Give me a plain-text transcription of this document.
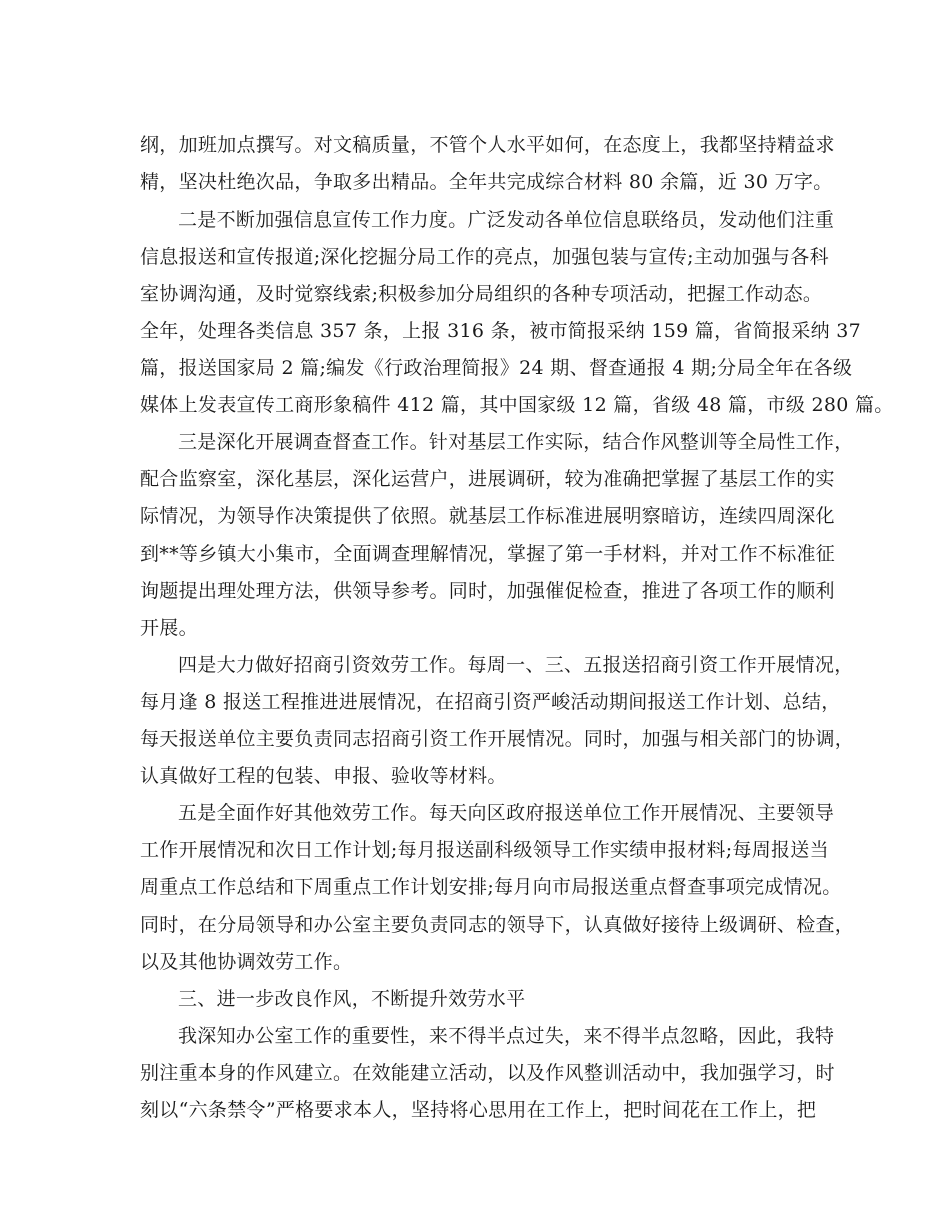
纲，加班加点撰写。对文稿质量，不管个人水平如何，在态度上，我都坚持精益求
精，坚决杜绝次品，争取多出精品。全年共完成综合材料 80 余篇，近 30 万字。
二是不断加强信息宣传工作力度。广泛发动各单位信息联络员，发动他们注重
信息报送和宣传报道;深化挖掘分局工作的亮点，加强包装与宣传;主动加强与各科
室协调沟通，及时觉察线索;积极参加分局组织的各种专项活动，把握工作动态。
全年，处理各类信息 357 条，上报 316 条，被市简报采纳 159 篇，省简报采纳 37
篇，报送国家局 2 篇;编发《行政治理简报》24 期、督查通报 4 期;分局全年在各级
媒体上发表宣传工商形象稿件 412 篇，其中国家级 12 篇，省级 48 篇，市级 280 篇。
三是深化开展调查督查工作。针对基层工作实际，结合作风整训等全局性工作，
配合监察室，深化基层，深化运营户，进展调研，较为准确把掌握了基层工作的实
际情况，为领导作决策提供了依照。就基层工作标准进展明察暗访，连续四周深化
到**等乡镇大小集市，全面调查理解情况，掌握了第一手材料，并对工作不标准征
询题提出理处理方法，供领导参考。同时，加强催促检查，推进了各项工作的顺利
开展。
四是大力做好招商引资效劳工作。每周一、三、五报送招商引资工作开展情况，
每月逢 8 报送工程推进进展情况，在招商引资严峻活动期间报送工作计划、总结，
每天报送单位主要负责同志招商引资工作开展情况。同时，加强与相关部门的协调，
认真做好工程的包装、申报、验收等材料。
五是全面作好其他效劳工作。每天向区政府报送单位工作开展情况、主要领导
工作开展情况和次日工作计划;每月报送副科级领导工作实绩申报材料;每周报送当
周重点工作总结和下周重点工作计划安排;每月向市局报送重点督查事项完成情况。
同时，在分局领导和办公室主要负责同志的领导下，认真做好接待上级调研、检查，
以及其他协调效劳工作。
三、进一步改良作风，不断提升效劳水平
我深知办公室工作的重要性，来不得半点过失，来不得半点忽略，因此，我特
别注重本身的作风建立。在效能建立活动，以及作风整训活动中，我加强学习，时
刻以“六条禁令”严格要求本人，坚持将心思用在工作上，把时间花在工作上，把
